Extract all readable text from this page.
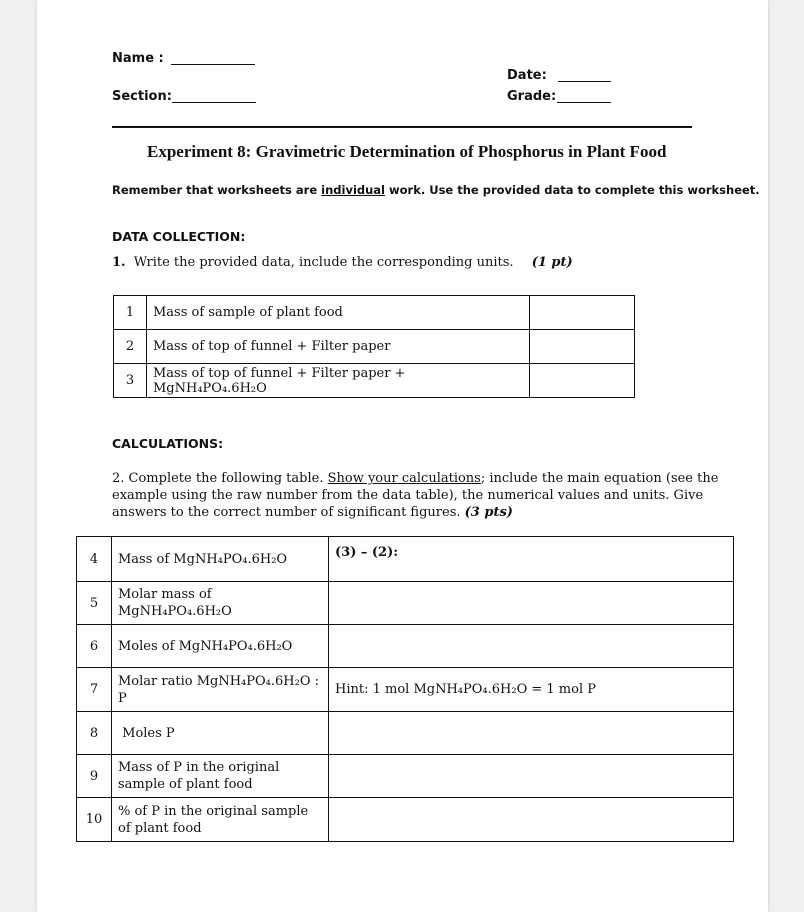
Name :
Section:
Date:
Grade:
Experiment 8: Gravimetric Determination of Phosphorus in Plant Food
Remember that worksheets are individual work. Use the provided data to complete this worksheet.
DATA COLLECTION:
1. Write the provided data, include the corresponding units. (1 pt)
1	Mass of sample of plant food	
2	Mass of top of funnel + Filter paper	
3	Mass of top of funnel + Filter paper + MgNH₄PO₄.6H₂O	
CALCULATIONS:
2. Complete the following table. Show your calculations; include the main equation (see the
example using the raw number from the data table), the numerical values and units. Give
answers to the correct number of significant figures. (3 pts)
4	Mass of MgNH₄PO₄.6H₂O	(3) – (2):
5	Molar mass of MgNH₄PO₄.6H₂O	
6	Moles of MgNH₄PO₄.6H₂O	
7	Molar ratio MgNH₄PO₄.6H₂O : P	Hint: 1 mol MgNH₄PO₄.6H₂O = 1 mol P
8	Moles P	
9	Mass of P in the original sample of plant food	
10	% of P in the original sample of plant food	
